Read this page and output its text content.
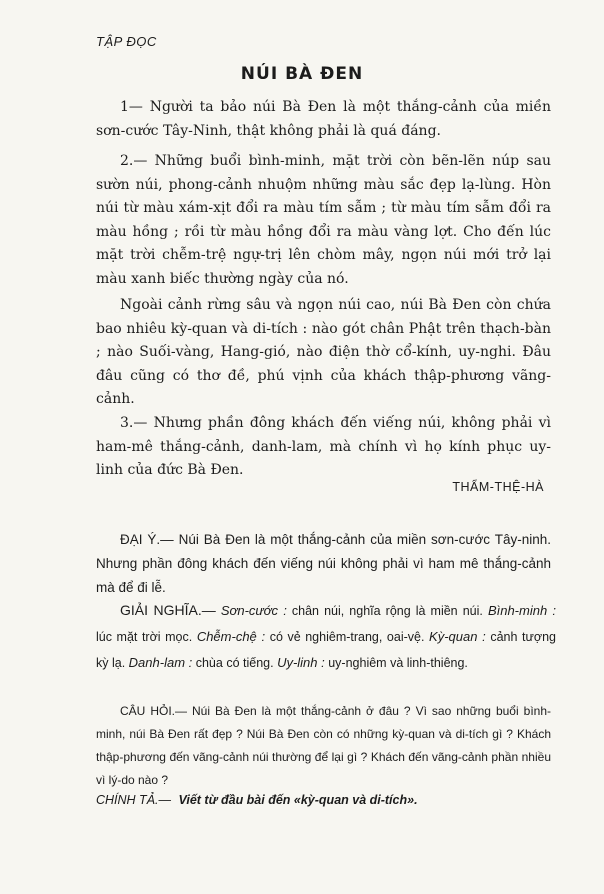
TẬP ĐỌC
NÚI BÀ ĐEN

1— Người ta bảo núi Bà Đen là một thắng-cảnh của miền sơn-cước Tây-Ninh, thật không phải là quá đáng.

2.— Những buổi bình-minh, mặt trời còn bẽn-lẽn núp sau sườn núi, phong-cảnh nhuộm những màu sắc đẹp lạ-lùng. Hòn núi từ màu xám-xịt đổi ra màu tím sẫm ; từ màu tím sẫm đổi ra màu hồng ; rồi từ màu hồng đổi ra màu vàng lợt. Cho đến lúc mặt trời chễm-trệ ngự-trị lên chòm mây, ngọn núi mới trở lại màu xanh biếc thường ngày của nó.

Ngoài cảnh rừng sâu và ngọn núi cao, núi Bà Đen còn chứa bao nhiêu kỳ-quan và di-tích : nào gót chân Phật trên thạch-bàn ; nào Suối-vàng, Hang-gió, nào điện thờ cổ-kính, uy-nghi. Đâu đâu cũng có thơ đề, phú vịnh của khách thập-phương vãng-cảnh.

3.— Nhưng phần đông khách đến viếng núi, không phải vì ham-mê thắng-cảnh, danh-lam, mà chính vì họ kính phục uy-linh của đức Bà Đen.

THẨM-THỆ-HÀ
ĐẠI Ý.— Núi Bà Đen là một thắng-cảnh của miền sơn-cước Tây-ninh. Nhưng phần đông khách đến viếng núi không phải vì ham mê thắng-cảnh mà để đi lễ.
GIẢI NGHĨA.— Sơn-cước : chân núi, nghĩa rộng là miền núi. Bình-minh : lúc mặt trời mọc. Chễm-chệ : có vẻ nghiêm-trang, oai-vệ. Kỳ-quan : cảnh tượng kỳ lạ. Danh-lam : chùa có tiếng. Uy-linh : uy-nghiêm và linh-thiêng.
CÂU HỎI.— Núi Bà Đen là một thắng-cảnh ở đâu ? Vì sao những buổi bình-minh, núi Bà Đen rất đẹp ? Núi Bà Đen còn có những kỳ-quan và di-tích gì ? Khách thập-phương đến vãng-cảnh núi thường để lại gì ? Khách đến vãng-cảnh phần nhiều vì lý-do nào ?
CHÍNH TẢ.— Viết từ đầu bài đến «kỳ-quan và di-tích».
